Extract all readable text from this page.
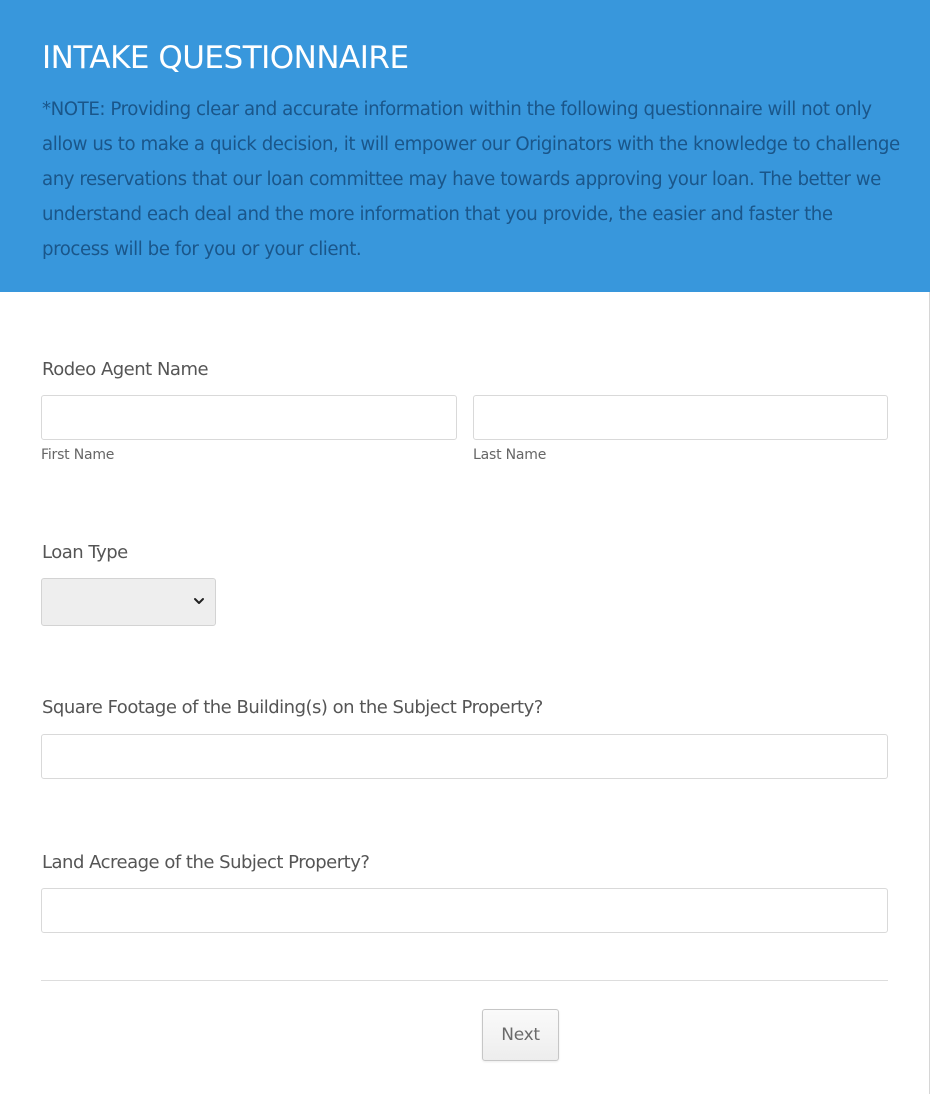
INTAKE QUESTIONNAIRE
*NOTE: Providing clear and accurate information within the following questionnaire will not only allow us to make a quick decision, it will empower our Originators with the knowledge to challenge any reservations that our loan committee may have towards approving your loan. The better we understand each deal and the more information that you provide, the easier and faster the process will be for you or your client.
Rodeo Agent Name
First Name	Last Name
Loan Type
Square Footage of the Building(s) on the Subject Property?
Land Acreage of the Subject Property?
Next
